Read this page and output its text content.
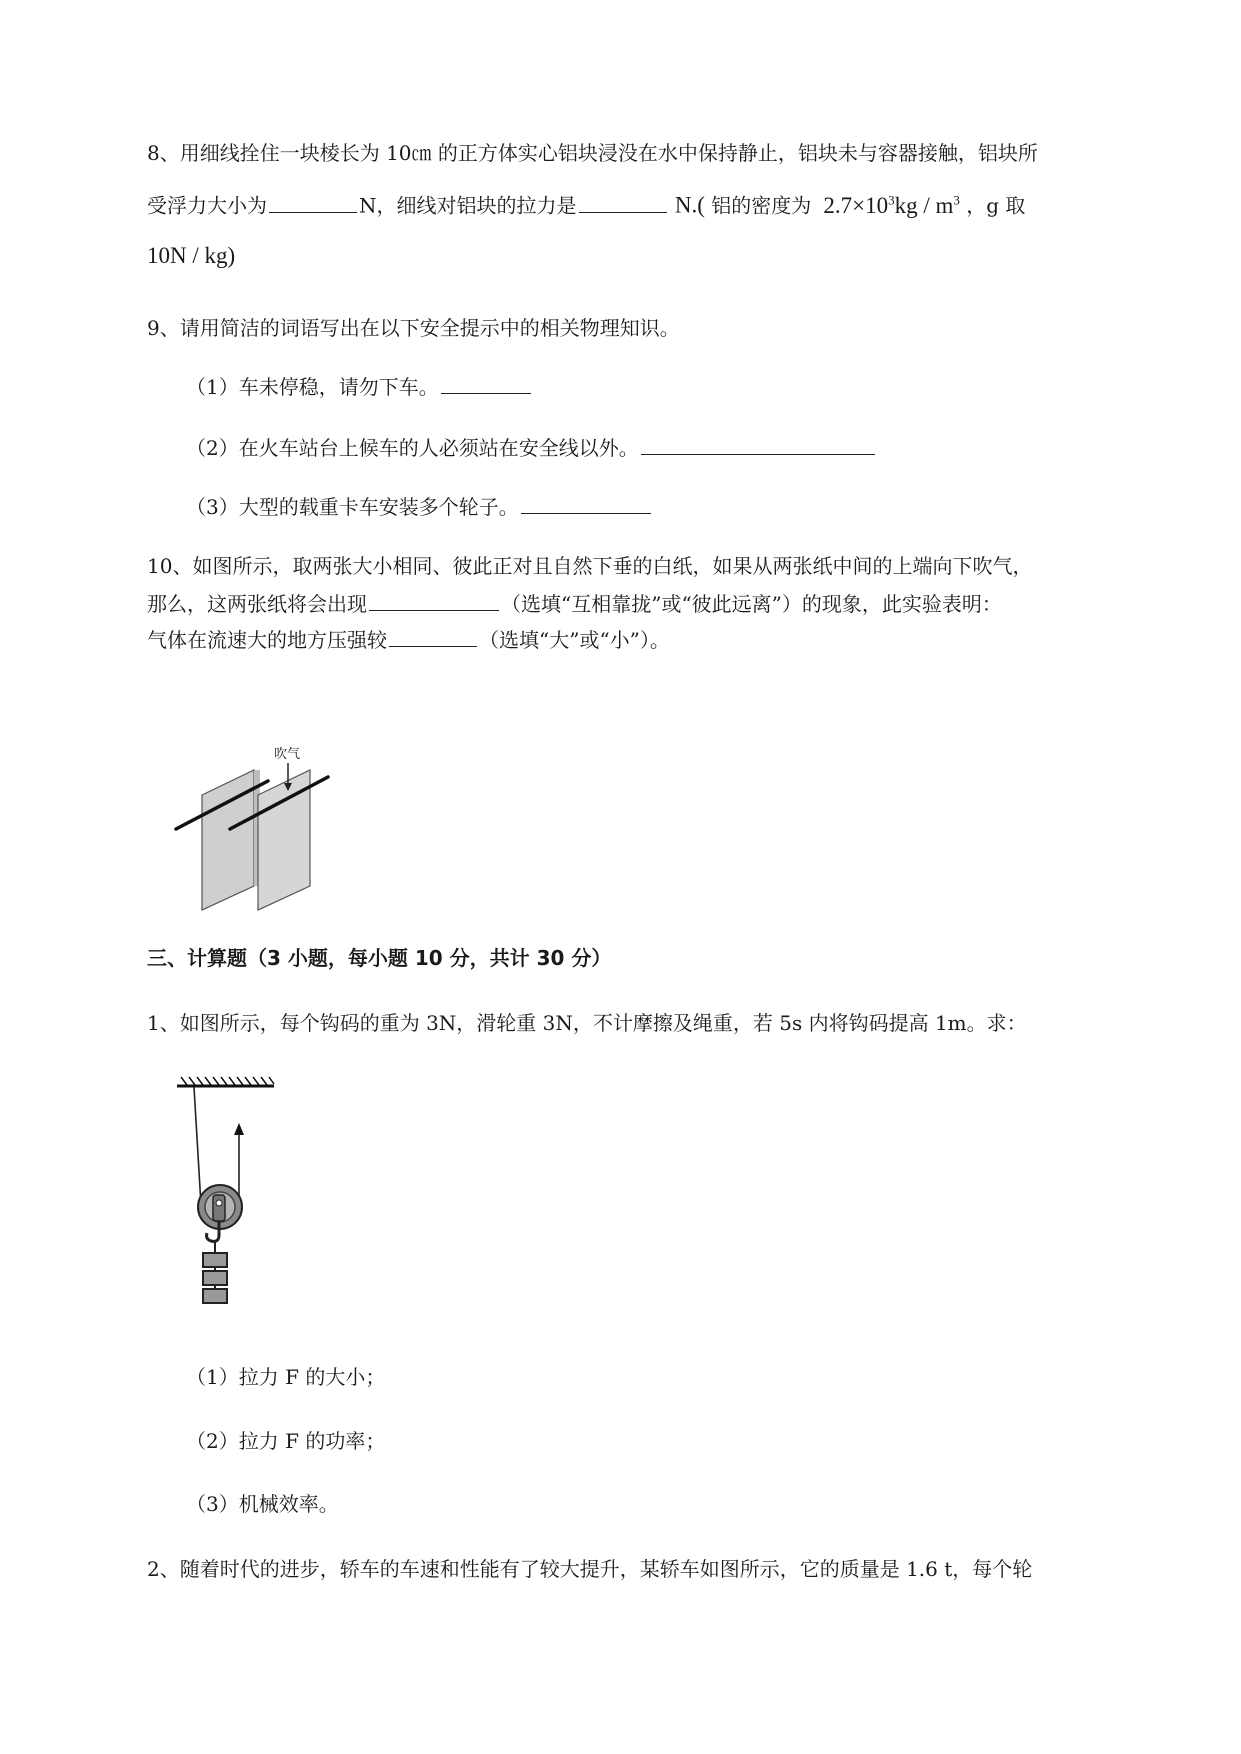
8、用细线拴住一块棱长为 10㎝ 的正方体实心铝块浸没在水中保持静止，铝块未与容器接触，铝块所
受浮力大小为	N，细线对铝块的拉力是	N.( 铝的密度为 $2.7\times 10^3kg / m^3$ ，g 取
10N / kg)
9、请用简洁的词语写出在以下安全提示中的相关物理知识。
（1）车未停稳，请勿下车。
（2）在火车站台上候车的人必须站在安全线以外。
（3）大型的载重卡车安装多个轮子。
10、如图所示，取两张大小相同、彼此正对且自然下垂的白纸，如果从两张纸中间的上端向下吹气，
那么，这两张纸将会出现	（选填“互相靠拢”或“彼此远离”）的现象，此实验表明：
气体在流速大的地方压强较	（选填“大”或“小”）。
吹气
三、计算题（3 小题，每小题 10 分，共计 30 分）
1、如图所示，每个钩码的重为 3N，滑轮重 3N，不计摩擦及绳重，若 5s 内将钩码提高 1m。求：
（1）拉力 F 的大小；
（2）拉力 F 的功率；
（3）机械效率。
2、随着时代的进步，轿车的车速和性能有了较大提升，某轿车如图所示，它的质量是 1.6 t，每个轮
